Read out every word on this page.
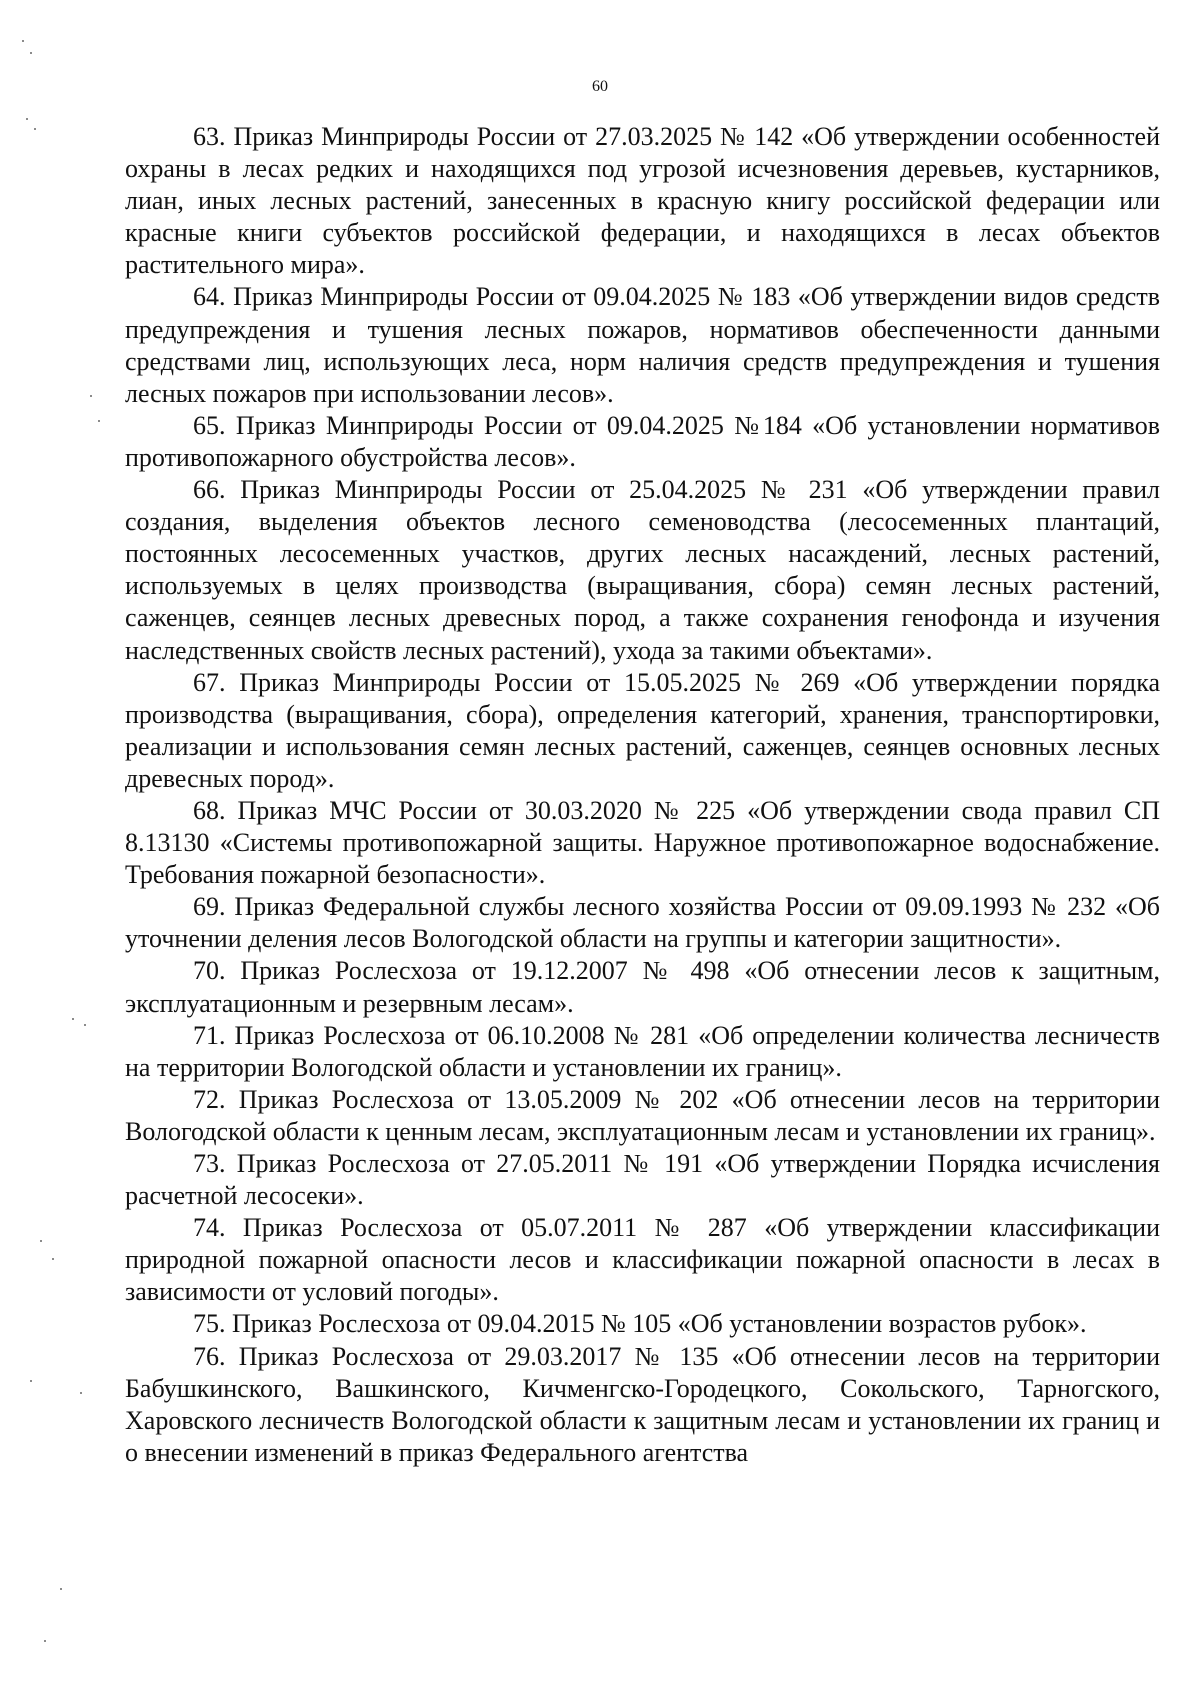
60

63. Приказ Минприроды России от 27.03.2025 № 142 «Об утверждении особенностей охраны в лесах редких и находящихся под угрозой исчезновения деревьев, кустарников, лиан, иных лесных растений, занесенных в красную книгу российской федерации или красные книги субъектов российской федерации, и находящихся в лесах объектов растительного мира».

64. Приказ Минприроды России от 09.04.2025 № 183 «Об утверждении видов средств предупреждения и тушения лесных пожаров, нормативов обеспеченности данными средствами лиц, использующих леса, норм наличия средств предупреждения и тушения лесных пожаров при использовании лесов».

65. Приказ Минприроды России от 09.04.2025 №184 «Об установлении нормативов противопожарного обустройства лесов».

66. Приказ Минприроды России от 25.04.2025 № 231 «Об утверждении правил создания, выделения объектов лесного семеноводства (лесосеменных плантаций, постоянных лесосеменных участков, других лесных насаждений, лесных растений, используемых в целях производства (выращивания, сбора) семян лесных растений, саженцев, сеянцев лесных древесных пород, а также сохранения генофонда и изучения наследственных свойств лесных растений), ухода за такими объектами».

67. Приказ Минприроды России от 15.05.2025 № 269 «Об утверждении порядка производства (выращивания, сбора), определения категорий, хранения, транспортировки, реализации и использования семян лесных растений, саженцев, сеянцев основных лесных древесных пород».

68. Приказ МЧС России от 30.03.2020 № 225 «Об утверждении свода правил СП 8.13130 «Системы противопожарной защиты. Наружное противопожарное водоснабжение. Требования пожарной безопасности».

69. Приказ Федеральной службы лесного хозяйства России от 09.09.1993 № 232 «Об уточнении деления лесов Вологодской области на группы и категории защитности».

70. Приказ Рослесхоза от 19.12.2007 № 498 «Об отнесении лесов к защитным, эксплуатационным и резервным лесам».

71. Приказ Рослесхоза от 06.10.2008 № 281 «Об определении количества лесничеств на территории Вологодской области и установлении их границ».

72. Приказ Рослесхоза от 13.05.2009 № 202 «Об отнесении лесов на территории Вологодской области к ценным лесам, эксплуатационным лесам и установлении их границ».

73. Приказ Рослесхоза от 27.05.2011 № 191 «Об утверждении Порядка исчисления расчетной лесосеки».

74. Приказ Рослесхоза от 05.07.2011 № 287 «Об утверждении классификации природной пожарной опасности лесов и классификации пожарной опасности в лесах в зависимости от условий погоды».

75. Приказ Рослесхоза от 09.04.2015 № 105 «Об установлении возрастов рубок».

76. Приказ Рослесхоза от 29.03.2017 № 135 «Об отнесении лесов на территории Бабушкинского, Вашкинского, Кичменгско-Городецкого, Сокольского, Тарногского, Харовского лесничеств Вологодской области к защитным лесам и установлении их границ и о внесении изменений в приказ Федерального агентства
